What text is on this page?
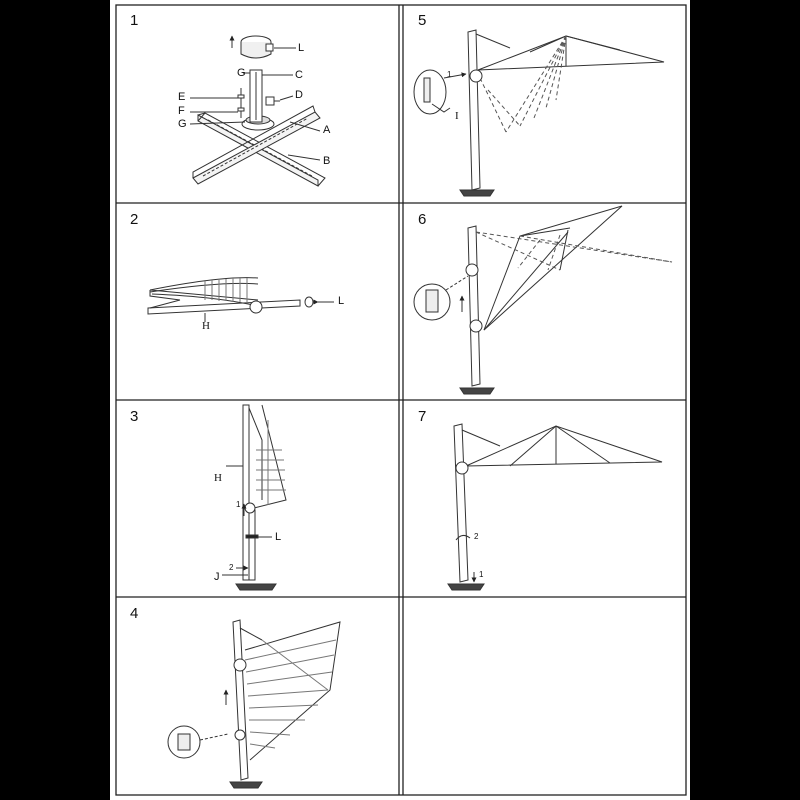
1
2
3
4
5
6
7
L
G	C
E	D
F
G	A
B
L
H
H
1
L
2
J
1
I
2
1
